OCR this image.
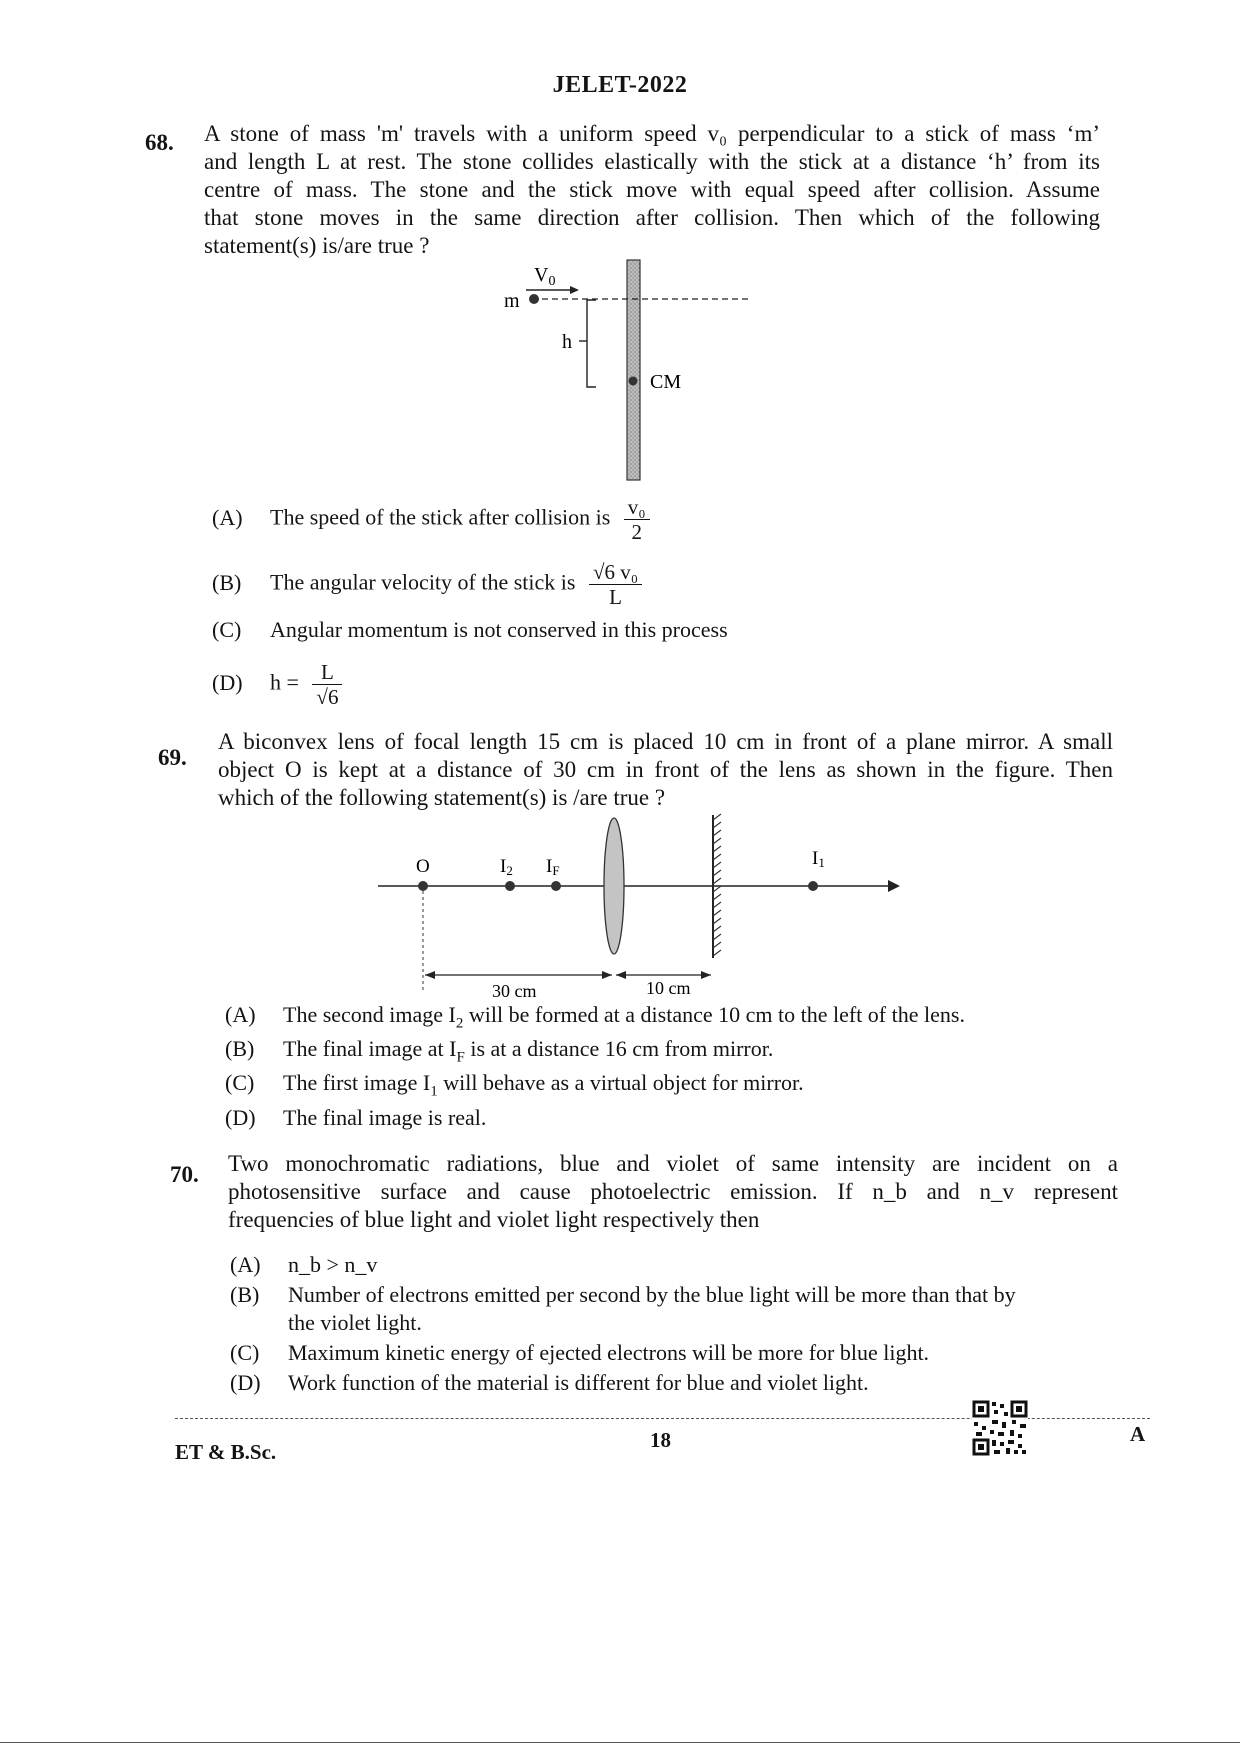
JELET-2022
68. A stone of mass 'm' travels with a uniform speed v₀ perpendicular to a stick of mass ‘m’
and length L at rest. The stone collides elastically with the stick at a distance ‘h’ from its
centre of mass. The stone and the stick move with equal speed after collision. Assume
that stone moves in the same direction after collision. Then which of the following
statement(s) is/are true ?
m
$V_0$
h
CM
(A) The speed of the stick after collision is $\frac{\text{v₀}}{2}$
(B) The angular velocity of the stick is $\frac{\text{√6 v₀}}{L}$
(C) Angular momentum is not conserved in this process
(D) $h = \frac{L}{√6}$
69.
A biconvex lens of focal length 15 cm is placed 10 cm in front of a plane mirror. A small
object O is kept at a distance of 30 cm in front of the lens as shown in the figure. Then
which of the following statement(s) is /are true ?
O	I2 IF
I1
30 cm	10 cm
(A) The second image $I_2$ will be formed at a distance 10 cm to the left of the lens.
(B) The final image at $I_F$ is at a distance 16 cm from mirror.
(C) The first image $I_1$ will behave as a virtual object for mirror.
(D) The final image is real.
70. Two monochromatic radiations, blue and violet of same intensity are incident on a
photosensitive surface and cause photoelectric emission. If n_b and n_v represent
frequencies of blue light and violet light respectively then
(A) n_b > n_v
(B) Number of electrons emitted per second by the blue light will be more than that by
the violet light.
(C) Maximum kinetic energy of ejected electrons will be more for blue light.
(D) Work function of the material is different for blue and violet light.
ET & B.Sc.	18	A
